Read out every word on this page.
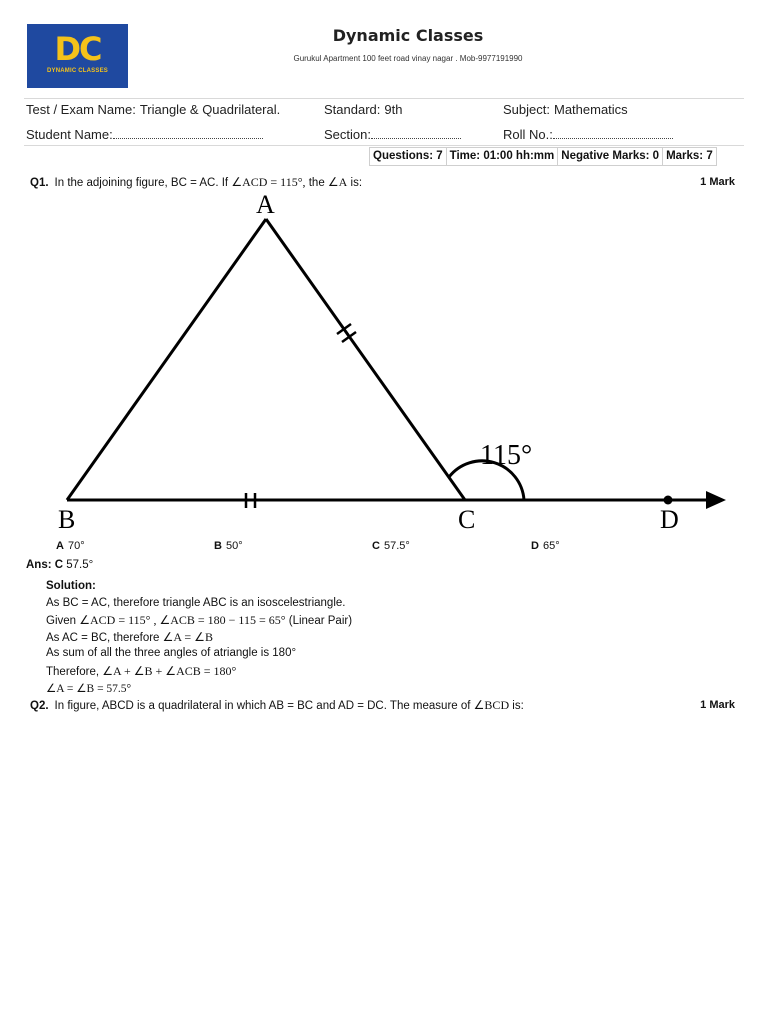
DC
DYNAMIC CLASSES
Dynamic Classes
Gurukul Apartment 100 feet road vinay nagar . Mob-9977191990
Test / Exam Name: Triangle & Quadrilateral.	Standard: 9th	Subject: Mathematics
Student Name:	Section:	Roll No.:
Questions: 7 Time: 01:00 hh:mm Negative Marks: 0 Marks: 7
Q1. In the adjoining figure, BC = AC. If ∠ACD = 115°, the ∠A is:	1 Mark
A
B	C	D
115°
A 70°	B 50°	C 57.5°	D 65°
Ans: C 57.5°
Solution:
As BC = AC, therefore triangle ABC is an isoscelestriangle.
Given ∠ACD = 115° , ∠ACB = 180 − 115 = 65° (Linear Pair)
As AC = BC, therefore ∠A = ∠B
As sum of all the three angles of atriangle is 180°
Therefore, ∠A + ∠B + ∠ACB = 180°
∠A = ∠B = 57.5°
Q2. In figure, ABCD is a quadrilateral in which AB = BC and AD = DC. The measure of ∠BCD is:	1 Mark
